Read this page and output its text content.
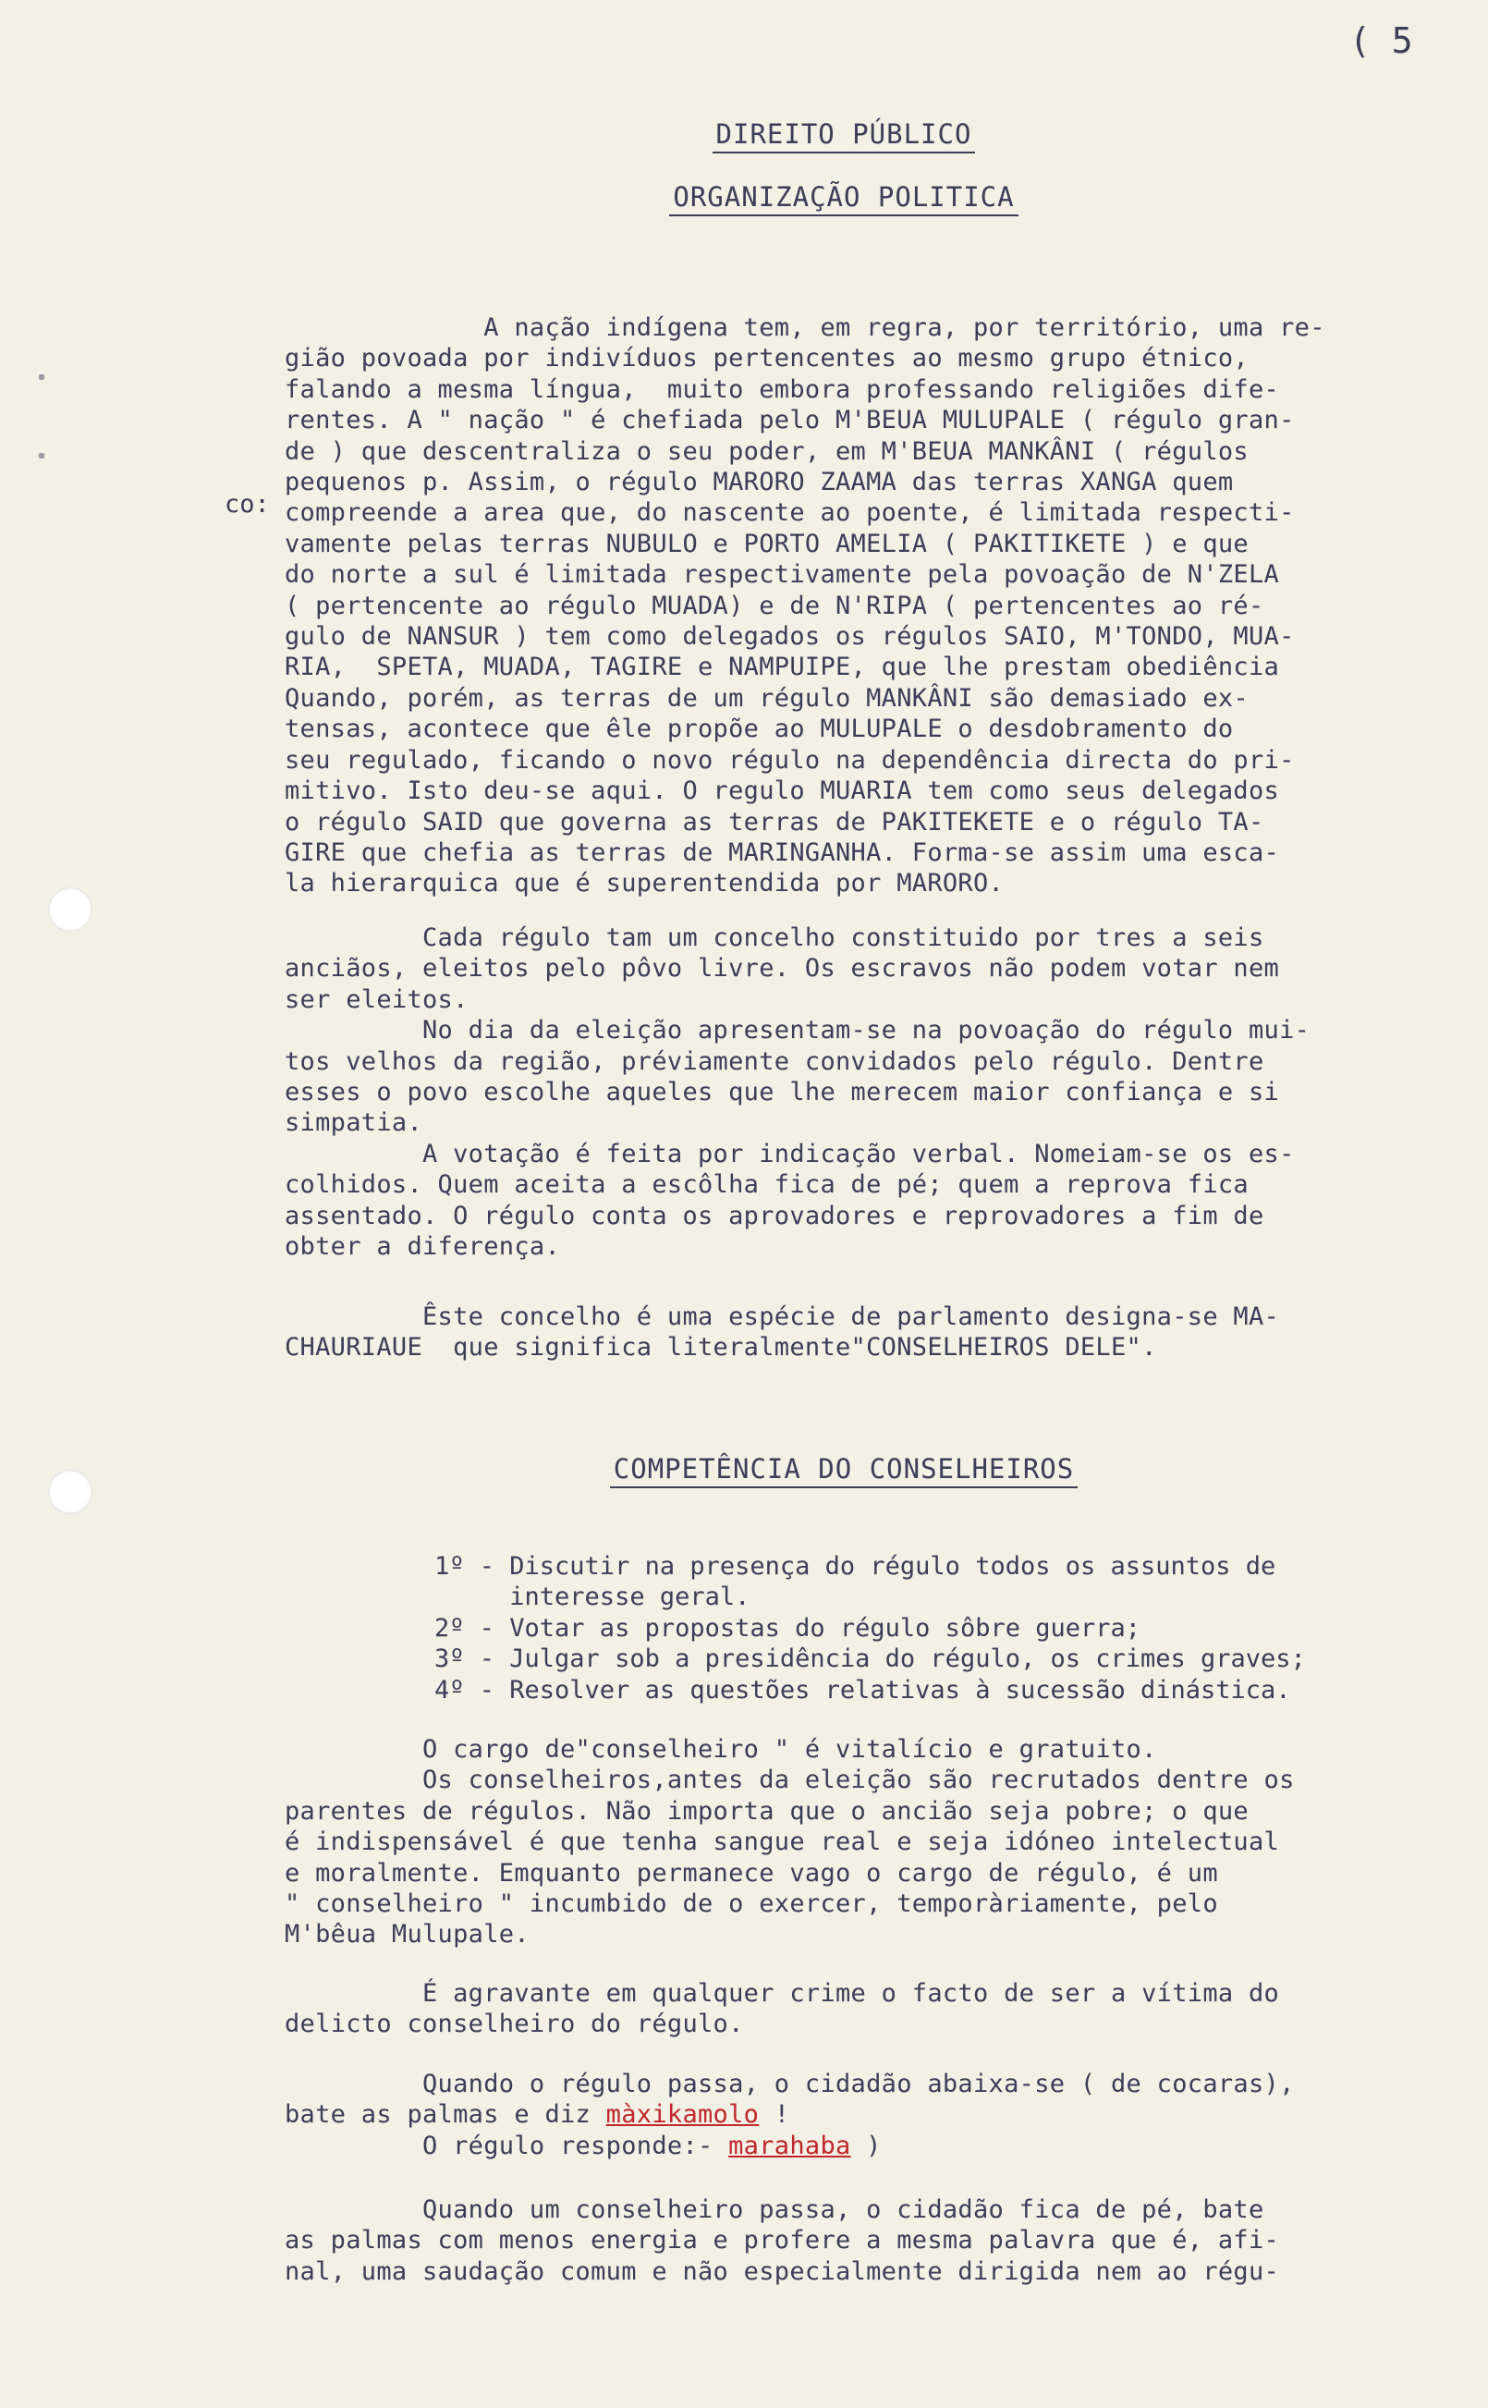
( 5
DIREITO PÚBLICO
ORGANIZAÇÃO POLITICA
co:
A nação indígena tem, em regra, por território, uma re-
gião povoada por indivíduos pertencentes ao mesmo grupo étnico,
falando a mesma língua,  muito embora professando religiões dife-
rentes. A " nação " é chefiada pelo M'BEUA MULUPALE ( régulo gran-
de ) que descentraliza o seu poder, em M'BEUA MANKÂNI ( régulos
pequenos p. Assim, o régulo MARORO ZAAMA das terras XANGA quem
compreende a area que, do nascente ao poente, é limitada respecti-
vamente pelas terras NUBULO e PORTO AMELIA ( PAKITIKETE ) e que
do norte a sul é limitada respectivamente pela povoação de N'ZELA
( pertencente ao régulo MUADA) e de N'RIPA ( pertencentes ao ré-
gulo de NANSUR ) tem como delegados os régulos SAIO, M'TONDO, MUA-
RIA,  SPETA, MUADA, TAGIRE e NAMPUIPE, que lhe prestam obediência
Quando, porém, as terras de um régulo MANKÂNI são demasiado ex-
tensas, acontece que êle propõe ao MULUPALE o desdobramento do
seu regulado, ficando o novo régulo na dependência directa do pri-
mitivo. Isto deu-se aqui. O regulo MUARIA tem como seus delegados
o régulo SAID que governa as terras de PAKITEKETE e o régulo TA-
GIRE que chefia as terras de MARINGANHA. Forma-se assim uma esca-
la hierarquica que é superentendida por MARORO.
Cada régulo tam um concelho constituido por tres a seis
anciãos, eleitos pelo pôvo livre. Os escravos não podem votar nem
ser eleitos.
No dia da eleição apresentam-se na povoação do régulo mui-
tos velhos da região, préviamente convidados pelo régulo. Dentre
esses o povo escolhe aqueles que lhe merecem maior confiança e si
simpatia.
A votação é feita por indicação verbal. Nomeiam-se os es-
colhidos. Quem aceita a escôlha fica de pé; quem a reprova fica
assentado. O régulo conta os aprovadores e reprovadores a fim de
obter a diferença.
Êste concelho é uma espécie de parlamento designa-se MA-
CHAURIAUE  que significa literalmente"CONSELHEIROS DELE".
COMPETÊNCIA DO CONSELHEIROS
1º - Discutir na presença do régulo todos os assuntos de
interesse geral.
2º - Votar as propostas do régulo sôbre guerra;
3º - Julgar sob a presidência do régulo, os crimes graves;
4º - Resolver as questões relativas à sucessão dinástica.
O cargo de"conselheiro " é vitalício e gratuito.
Os conselheiros,antes da eleição são recrutados dentre os
parentes de régulos. Não importa que o ancião seja pobre; o que
é indispensável é que tenha sangue real e seja idóneo intelectual
e moralmente. Emquanto permanece vago o cargo de régulo, é um
" conselheiro " incumbido de o exercer, temporàriamente, pelo
M'bêua Mulupale.
É agravante em qualquer crime o facto de ser a vítima do
delicto conselheiro do régulo.
Quando o régulo passa, o cidadão abaixa-se ( de cocaras),
bate as palmas e diz màxikamolo !
O régulo responde:- marahaba )
Quando um conselheiro passa, o cidadão fica de pé, bate
as palmas com menos energia e profere a mesma palavra que é, afi-
nal, uma saudação comum e não especialmente dirigida nem ao régu-
